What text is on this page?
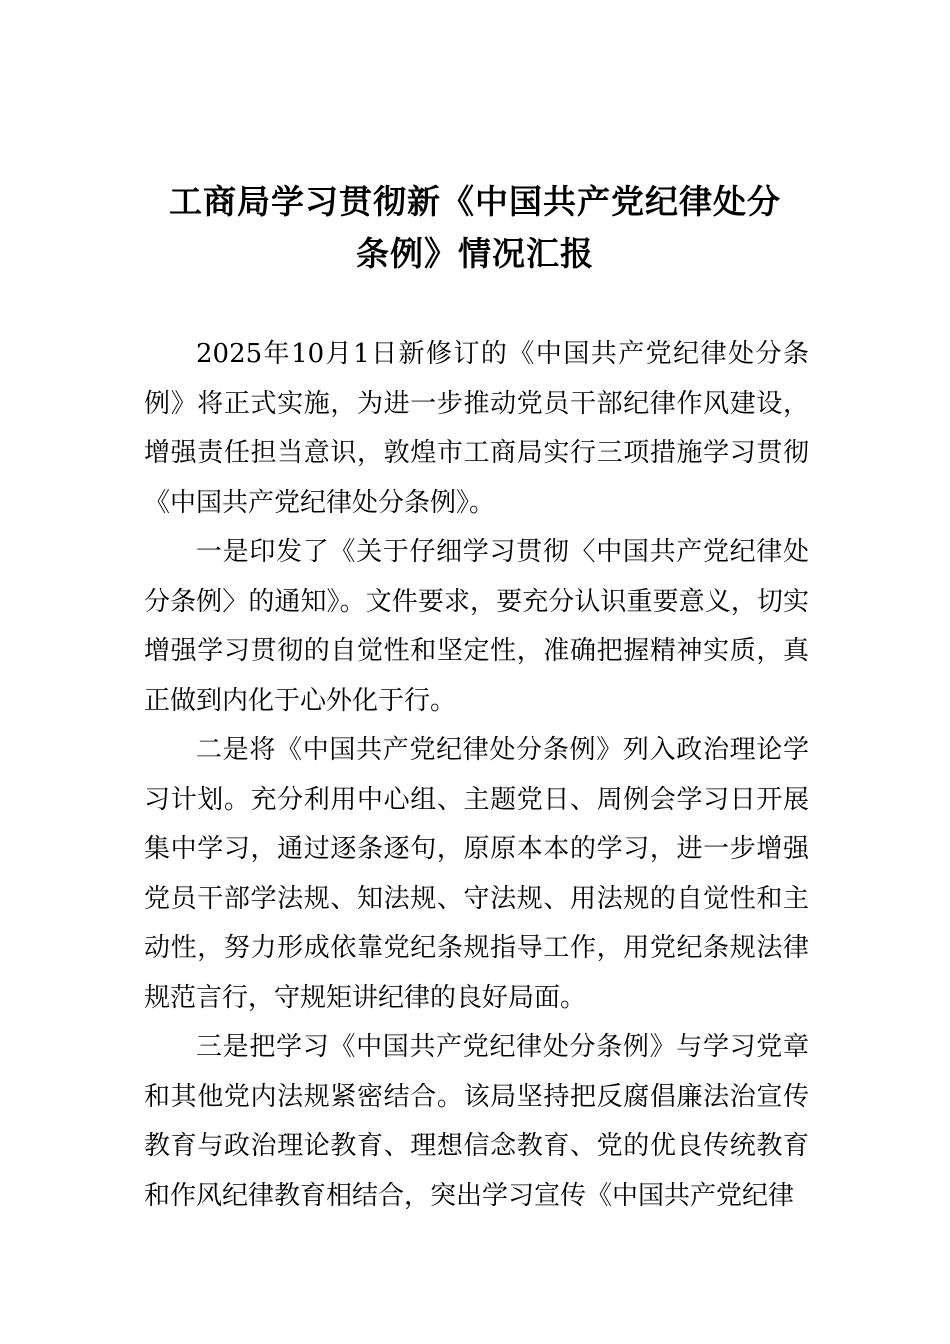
工商局学习贯彻新《中国共产党纪律处分
条例》情况汇报

2025年10月1日新修订的《中国共产党纪律处分条例》将正式实施，为进一步推动党员干部纪律作风建设，增强责任担当意识，敦煌市工商局实行三项措施学习贯彻《中国共产党纪律处分条例》。

一是印发了《关于仔细学习贯彻〈中国共产党纪律处分条例〉的通知》。文件要求，要充分认识重要意义，切实增强学习贯彻的自觉性和坚定性，准确把握精神实质，真正做到内化于心外化于行。

二是将《中国共产党纪律处分条例》列入政治理论学习计划。充分利用中心组、主题党日、周例会学习日开展集中学习，通过逐条逐句，原原本本的学习，进一步增强党员干部学法规、知法规、守法规、用法规的自觉性和主动性，努力形成依靠党纪条规指导工作，用党纪条规法律规范言行，守规矩讲纪律的良好局面。

三是把学习《中国共产党纪律处分条例》与学习党章和其他党内法规紧密结合。该局坚持把反腐倡廉法治宣传教育与政治理论教育、理想信念教育、党的优良传统教育和作风纪律教育相结合，突出学习宣传《中国共产党纪律
